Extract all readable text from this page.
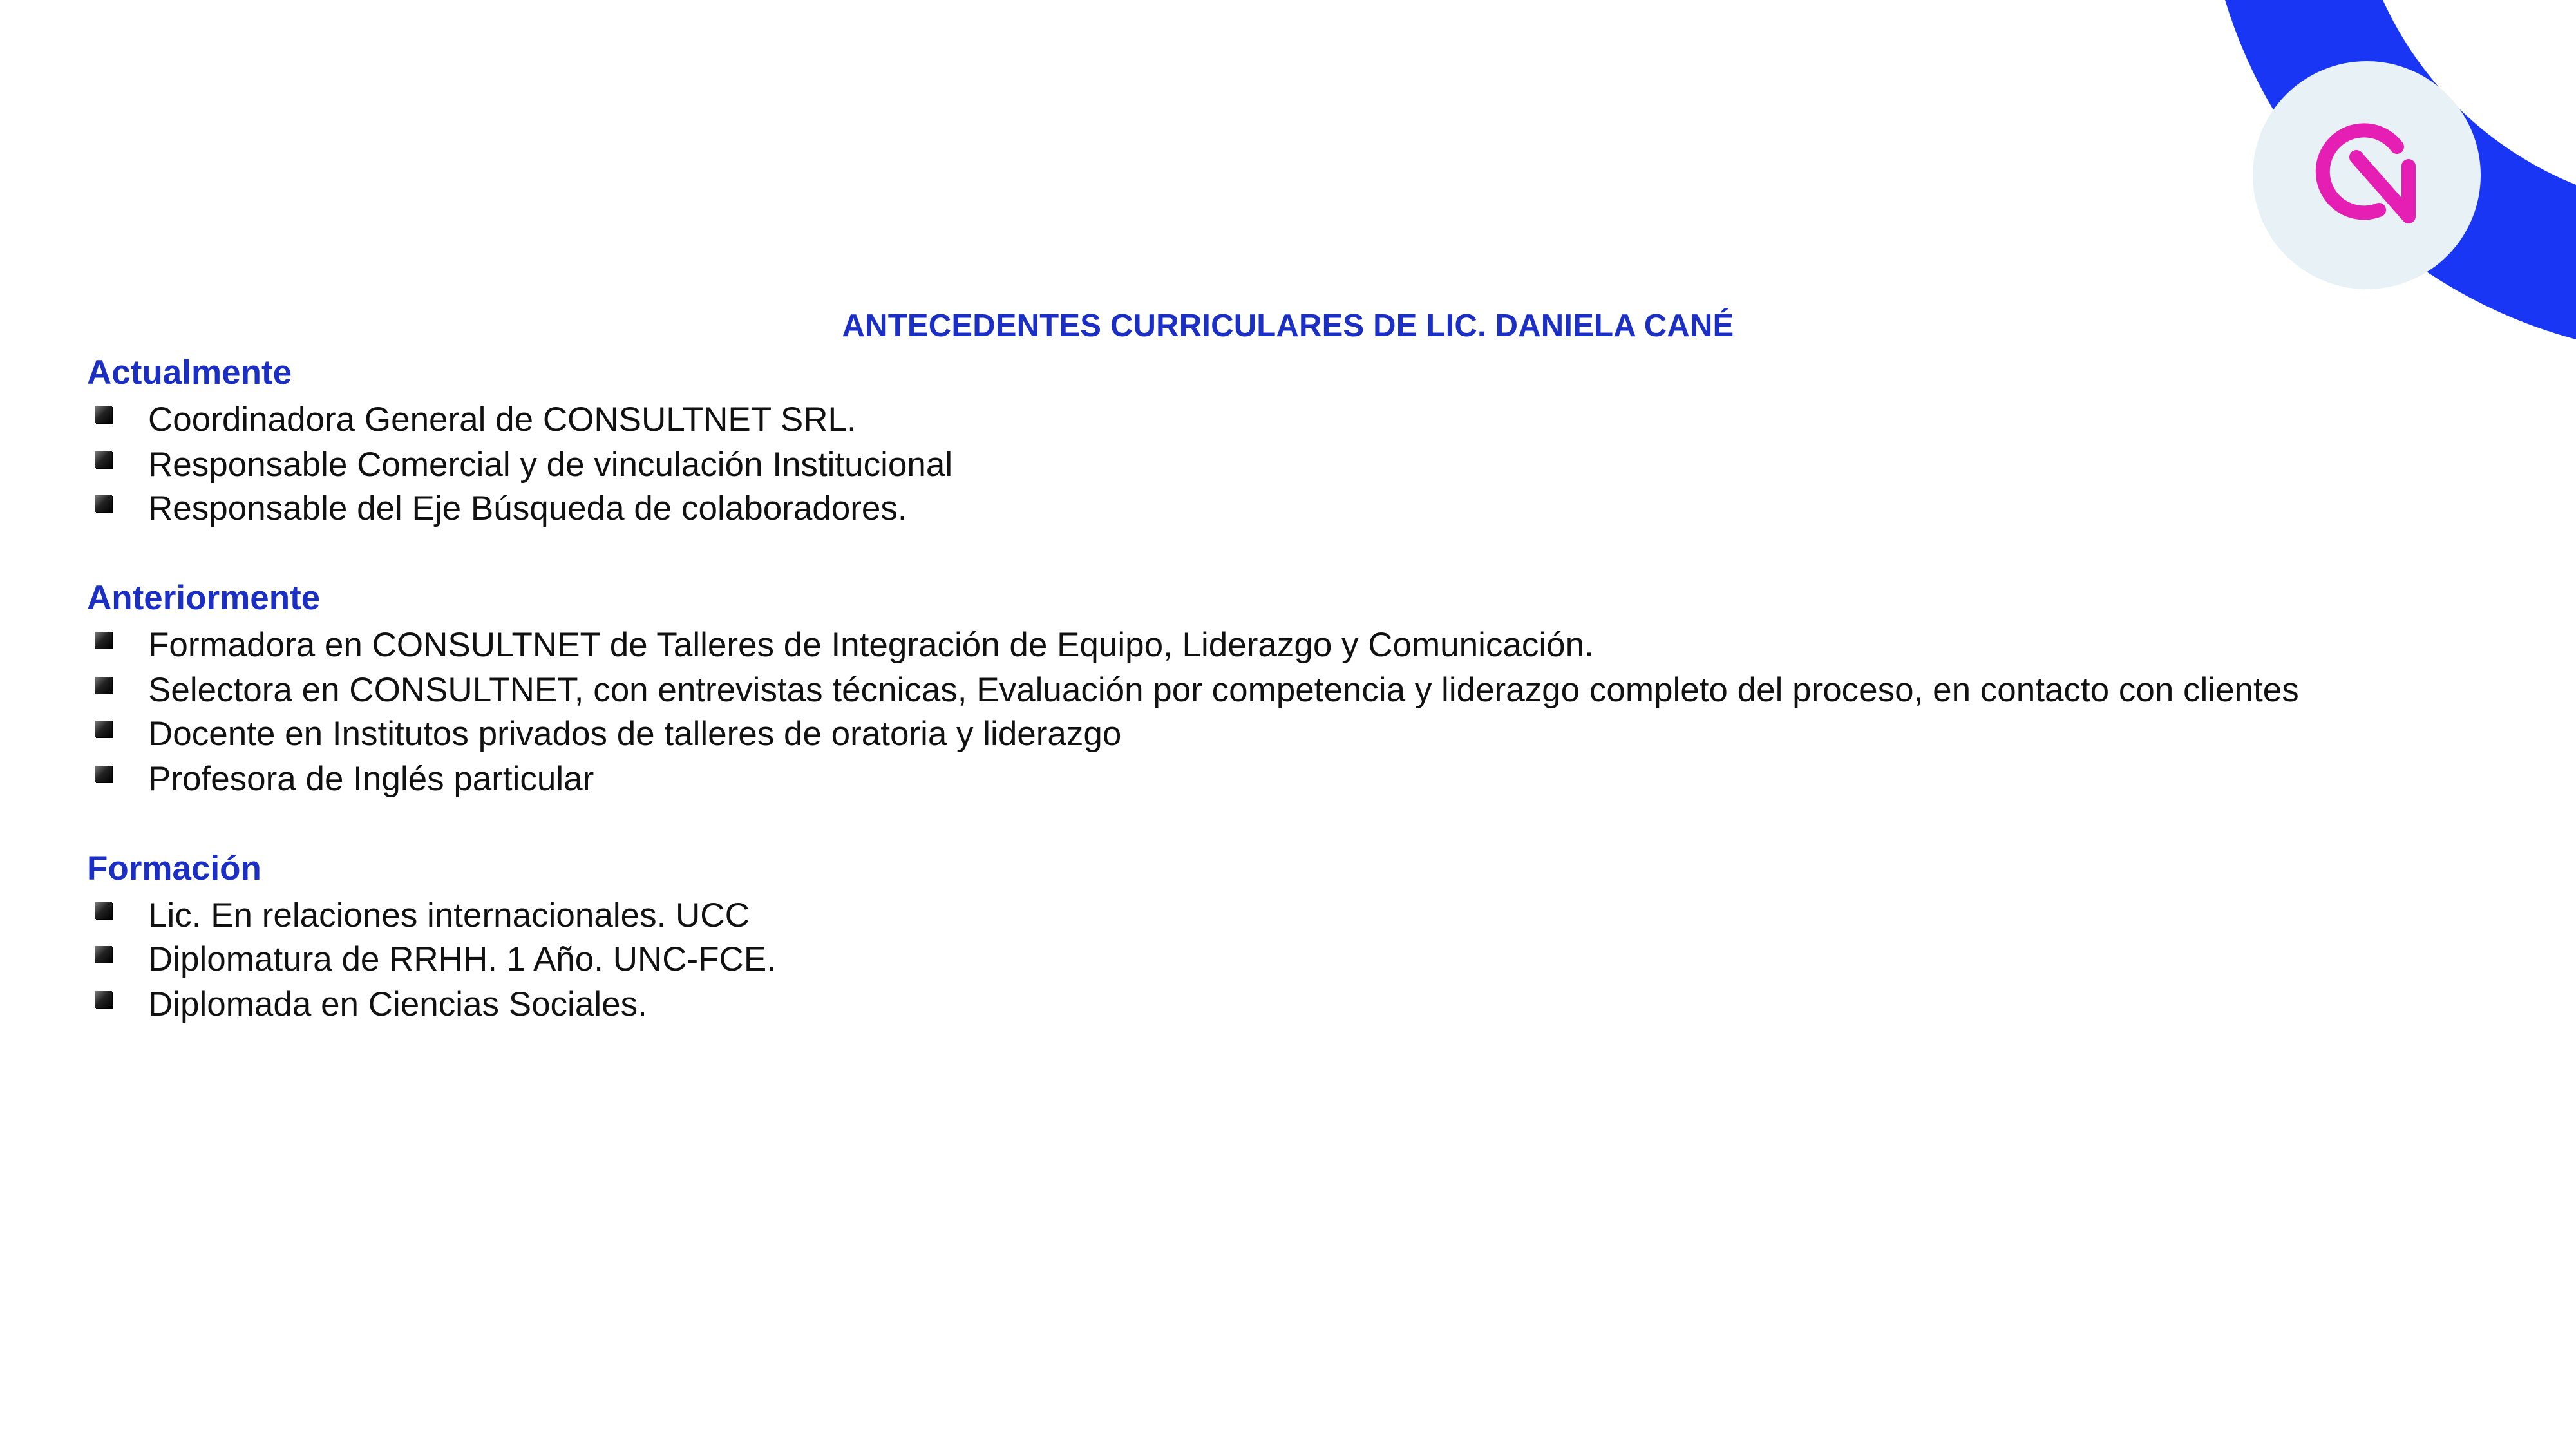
ANTECEDENTES CURRICULARES DE LIC. DANIELA CANÉ
Actualmente
Coordinadora General de CONSULTNET SRL.
Responsable Comercial y de vinculación Institucional
Responsable del Eje Búsqueda de colaboradores.
Anteriormente
Formadora en CONSULTNET de Talleres de Integración de Equipo, Liderazgo y Comunicación.
Selectora en CONSULTNET, con entrevistas técnicas, Evaluación por competencia y liderazgo completo del proceso, en contacto con clientes
Docente en Institutos privados de talleres de oratoria y liderazgo
Profesora de Inglés particular
Formación
Lic. En relaciones internacionales. UCC
Diplomatura de RRHH. 1 Año. UNC-FCE.
Diplomada en Ciencias Sociales.
